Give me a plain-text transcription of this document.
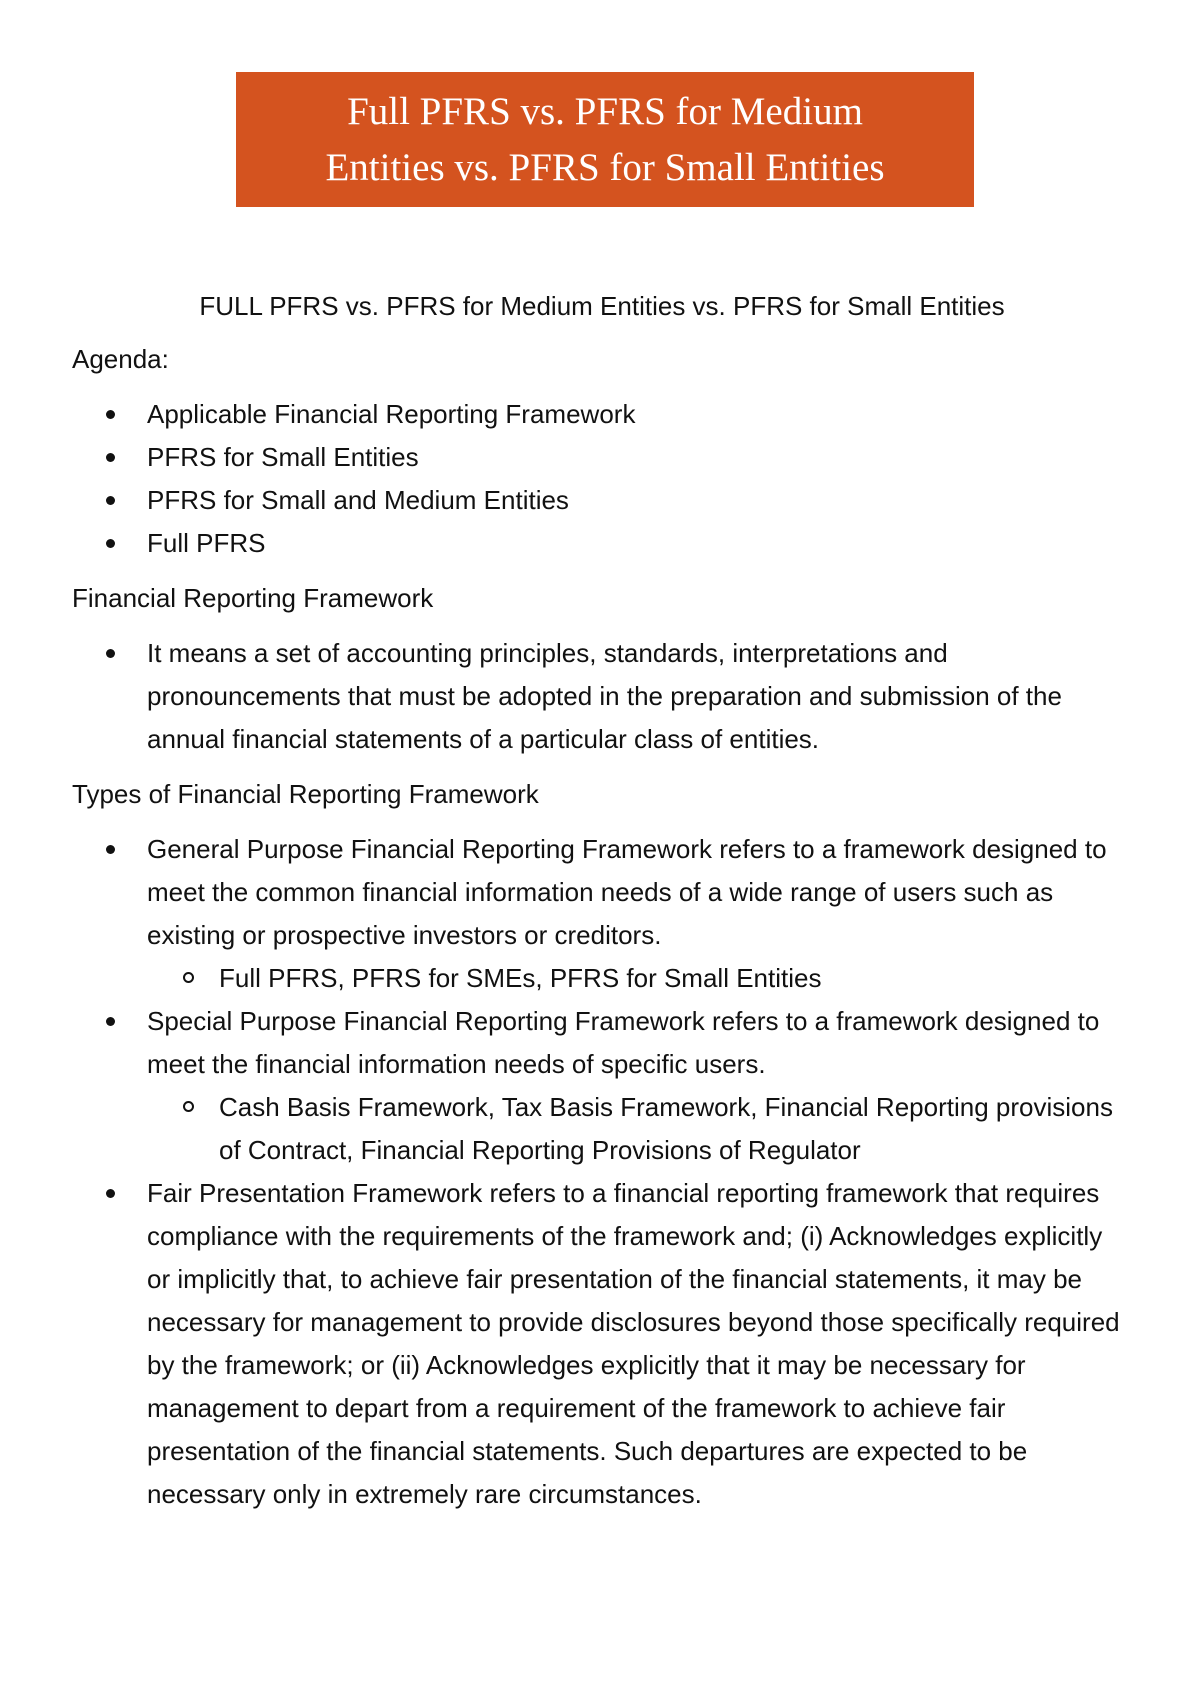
Full PFRS vs. PFRS for Medium
Entities vs. PFRS for Small Entities

FULL PFRS vs. PFRS for Medium Entities vs. PFRS for Small Entities

Agenda:

Applicable Financial Reporting Framework
PFRS for Small Entities
PFRS for Small and Medium Entities
Full PFRS

Financial Reporting Framework

It means a set of accounting principles, standards, interpretations and pronouncements that must be adopted in the preparation and submission of the annual financial statements of a particular class of entities.

Types of Financial Reporting Framework

General Purpose Financial Reporting Framework refers to a framework designed to meet the common financial information needs of a wide range of users such as existing or prospective investors or creditors.
Full PFRS, PFRS for SMEs, PFRS for Small Entities
Special Purpose Financial Reporting Framework refers to a framework designed to meet the financial information needs of specific users.
Cash Basis Framework, Tax Basis Framework, Financial Reporting provisions of Contract, Financial Reporting Provisions of Regulator
Fair Presentation Framework refers to a financial reporting framework that requires compliance with the requirements of the framework and; (i) Acknowledges explicitly or implicitly that, to achieve fair presentation of the financial statements, it may be necessary for management to provide disclosures beyond those specifically required by the framework; or (ii) Acknowledges explicitly that it may be necessary for management to depart from a requirement of the framework to achieve fair presentation of the financial statements. Such departures are expected to be necessary only in extremely rare circumstances.
